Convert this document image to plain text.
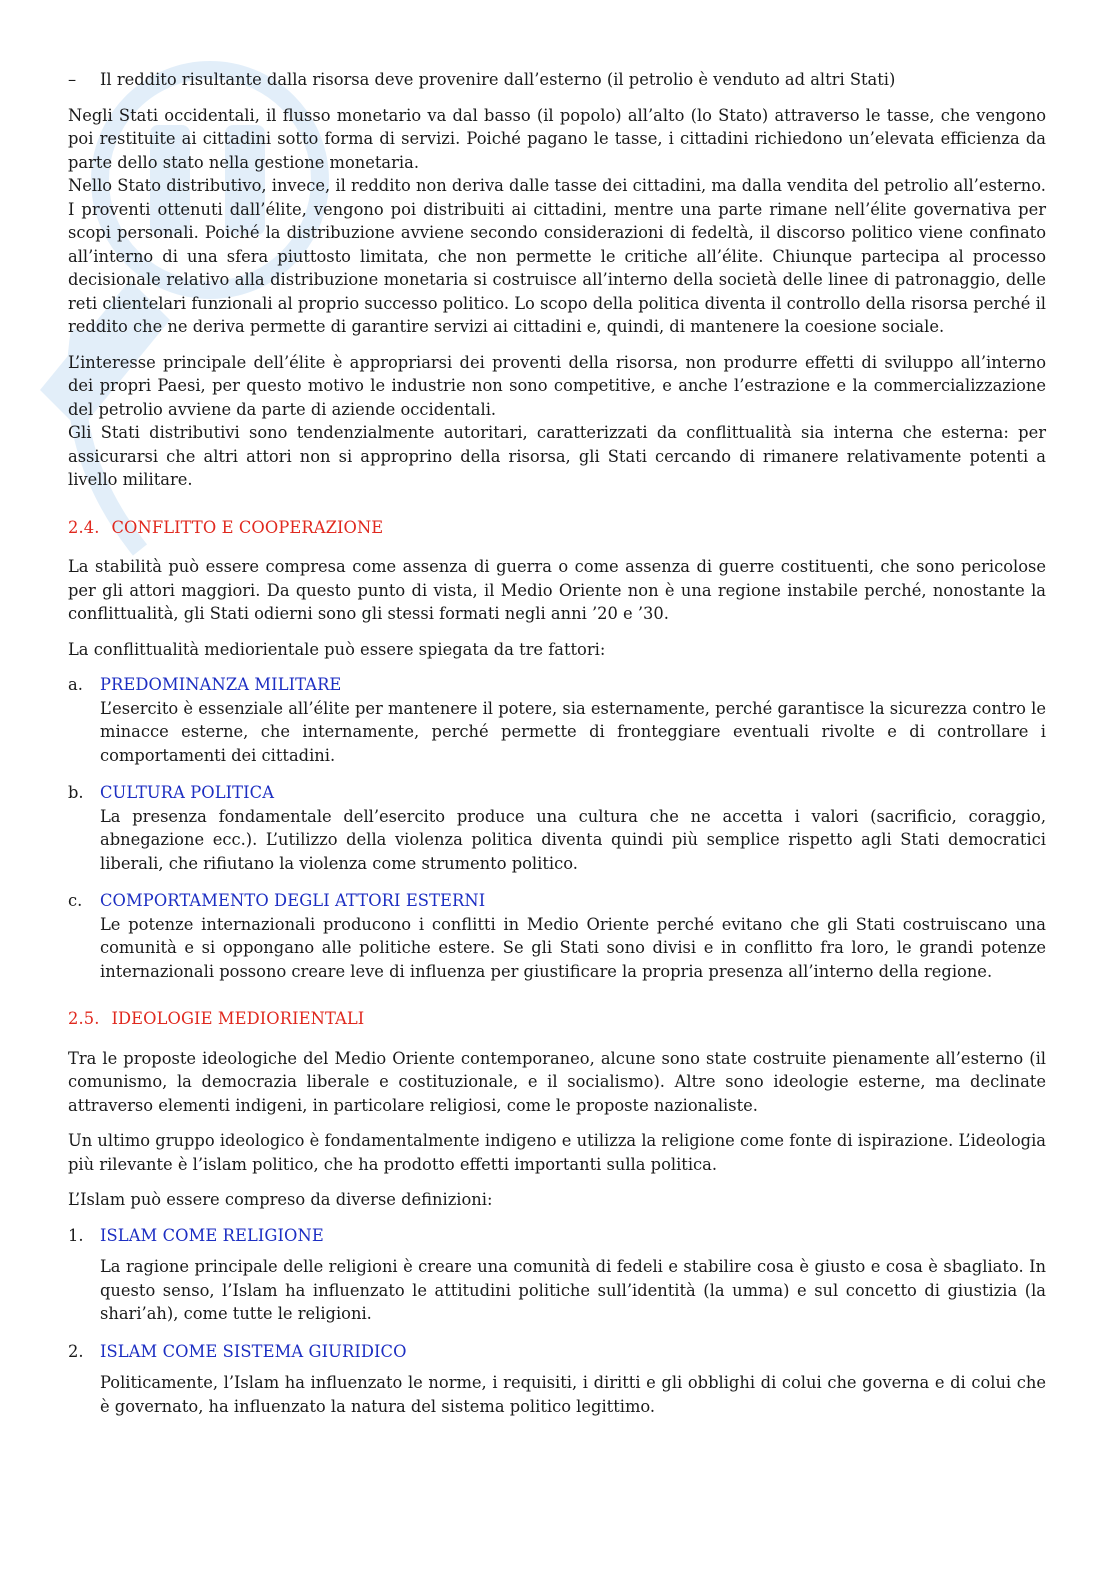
–	Il reddito risultante dalla risorsa deve provenire dall’esterno (il petrolio è venduto ad altri Stati)

Negli Stati occidentali, il flusso monetario va dal basso (il popolo) all’alto (lo Stato) attraverso le tasse, che vengono poi restituite ai cittadini sotto forma di servizi. Poiché pagano le tasse, i cittadini richiedono un’elevata efficienza da parte dello stato nella gestione monetaria.

Nello Stato distributivo, invece, il reddito non deriva dalle tasse dei cittadini, ma dalla vendita del petrolio all’esterno. I proventi ottenuti dall’élite, vengono poi distribuiti ai cittadini, mentre una parte rimane nell’élite governativa per scopi personali. Poiché la distribuzione avviene secondo considerazioni di fedeltà, il discorso politico viene confinato all’interno di una sfera piuttosto limitata, che non permette le critiche all’élite. Chiunque partecipa al processo decisionale relativo alla distribuzione monetaria si costruisce all’interno della società delle linee di patronaggio, delle reti clientelari funzionali al proprio successo politico. Lo scopo della politica diventa il controllo della risorsa perché il reddito che ne deriva permette di garantire servizi ai cittadini e, quindi, di mantenere la coesione sociale.

L’interesse principale dell’élite è appropriarsi dei proventi della risorsa, non produrre effetti di sviluppo all’interno dei propri Paesi, per questo motivo le industrie non sono competitive, e anche l’estrazione e la commercializzazione del petrolio avviene da parte di aziende occidentali.

Gli Stati distributivi sono tendenzialmente autoritari, caratterizzati da conflittualità sia interna che esterna: per assicurarsi che altri attori non si approprino della risorsa, gli Stati cercando di rimanere relativamente potenti a livello militare.

2.4. CONFLITTO E COOPERAZIONE

La stabilità può essere compresa come assenza di guerra o come assenza di guerre costituenti, che sono pericolose per gli attori maggiori. Da questo punto di vista, il Medio Oriente non è una regione instabile perché, nonostante la conflittualità, gli Stati odierni sono gli stessi formati negli anni ’20 e ’30.

La conflittualità mediorientale può essere spiegata da tre fattori:

a.	PREDOMINANZA MILITARE

L’esercito è essenziale all’élite per mantenere il potere, sia esternamente, perché garantisce la sicurezza contro le minacce esterne, che internamente, perché permette di fronteggiare eventuali rivolte e di controllare i comportamenti dei cittadini.

b.	CULTURA POLITICA

La presenza fondamentale dell’esercito produce una cultura che ne accetta i valori (sacrificio, coraggio, abnegazione ecc.). L’utilizzo della violenza politica diventa quindi più semplice rispetto agli Stati democratici liberali, che rifiutano la violenza come strumento politico.

c.	COMPORTAMENTO DEGLI ATTORI ESTERNI

Le potenze internazionali producono i conflitti in Medio Oriente perché evitano che gli Stati costruiscano una comunità e si oppongano alle politiche estere. Se gli Stati sono divisi e in conflitto fra loro, le grandi potenze internazionali possono creare leve di influenza per giustificare la propria presenza all’interno della regione.

2.5. IDEOLOGIE MEDIORIENTALI

Tra le proposte ideologiche del Medio Oriente contemporaneo, alcune sono state costruite pienamente all’esterno (il comunismo, la democrazia liberale e costituzionale, e il socialismo). Altre sono ideologie esterne, ma declinate attraverso elementi indigeni, in particolare religiosi, come le proposte nazionaliste.

Un ultimo gruppo ideologico è fondamentalmente indigeno e utilizza la religione come fonte di ispirazione. L’ideologia più rilevante è l’islam politico, che ha prodotto effetti importanti sulla politica.

L’Islam può essere compreso da diverse definizioni:

1.	ISLAM COME RELIGIONE

La ragione principale delle religioni è creare una comunità di fedeli e stabilire cosa è giusto e cosa è sbagliato. In questo senso, l’Islam ha influenzato le attitudini politiche sull’identità (la umma) e sul concetto di giustizia (la shari’ah), come tutte le religioni.

2.	ISLAM COME SISTEMA GIURIDICO

Politicamente, l’Islam ha influenzato le norme, i requisiti, i diritti e gli obblighi di colui che governa e di colui che è governato, ha influenzato la natura del sistema politico legittimo.
